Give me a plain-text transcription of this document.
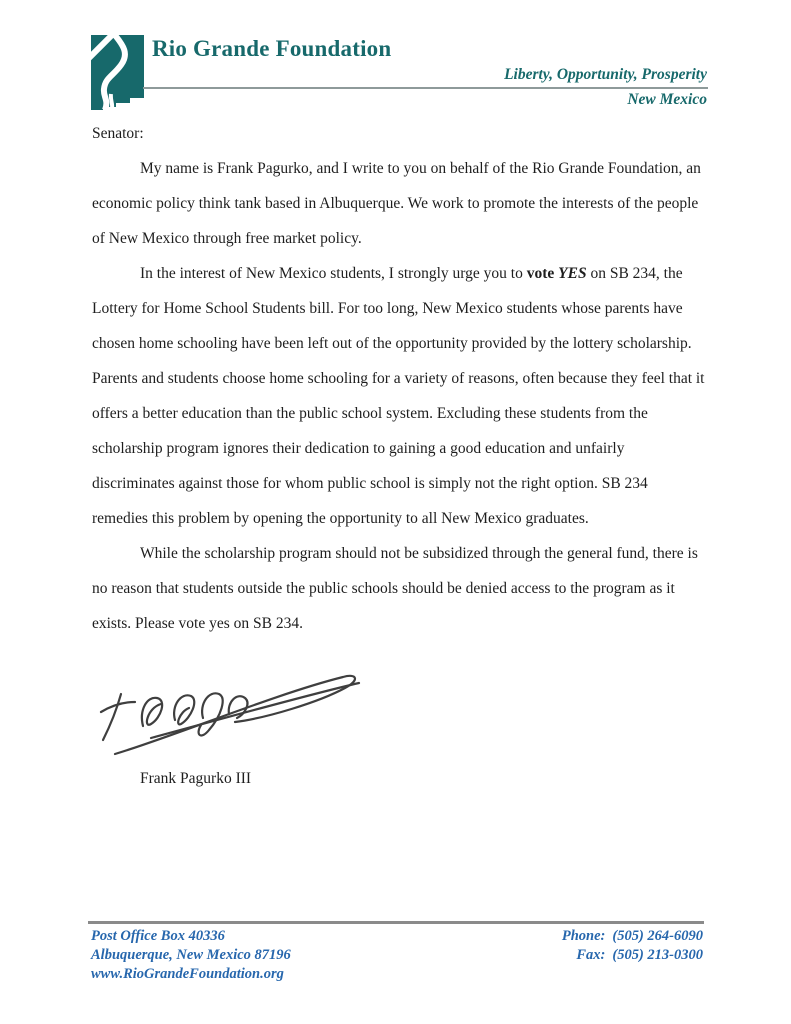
Rio Grande Foundation
Liberty, Opportunity, Prosperity
New Mexico

Senator:

My name is Frank Pagurko, and I write to you on behalf of the Rio Grande Foundation, an economic policy think tank based in Albuquerque. We work to promote the interests of the people of New Mexico through free market policy.

In the interest of New Mexico students, I strongly urge you to vote YES on SB 234, the Lottery for Home School Students bill. For too long, New Mexico students whose parents have chosen home schooling have been left out of the opportunity provided by the lottery scholarship. Parents and students choose home schooling for a variety of reasons, often because they feel that it offers a better education than the public school system. Excluding these students from the scholarship program ignores their dedication to gaining a good education and unfairly discriminates against those for whom public school is simply not the right option. SB 234 remedies this problem by opening the opportunity to all New Mexico graduates.

While the scholarship program should not be subsidized through the general fund, there is no reason that students outside the public schools should be denied access to the program as it exists. Please vote yes on SB 234.

Frank Pagurko III
Post Office Box 40336
Albuquerque, New Mexico 87196
www.RioGrandeFoundation.org
Phone: (505) 264-6090
Fax: (505) 213-0300
